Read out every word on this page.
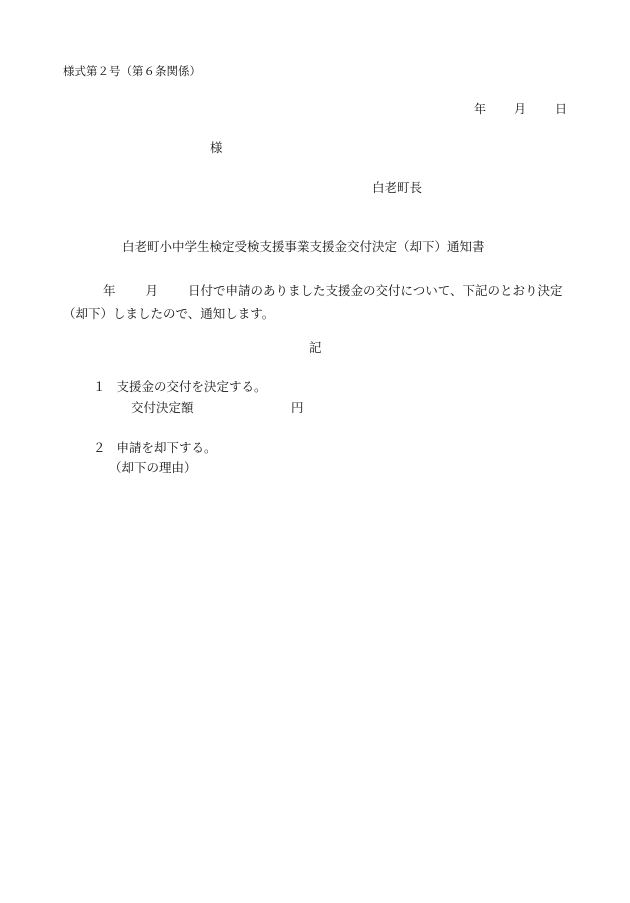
様式第２号（第６条関係）
年 月 日
様
白老町長
白老町小中学生検定受検支援事業支援金交付決定（却下）通知書
年 月 日付で申請のありました支援金の交付について、下記のとおり決定（却下）しましたので、通知します。
記
１ 支援金の交付を決定する。
交付決定額	円
２ 申請を却下する。
（却下の理由）
